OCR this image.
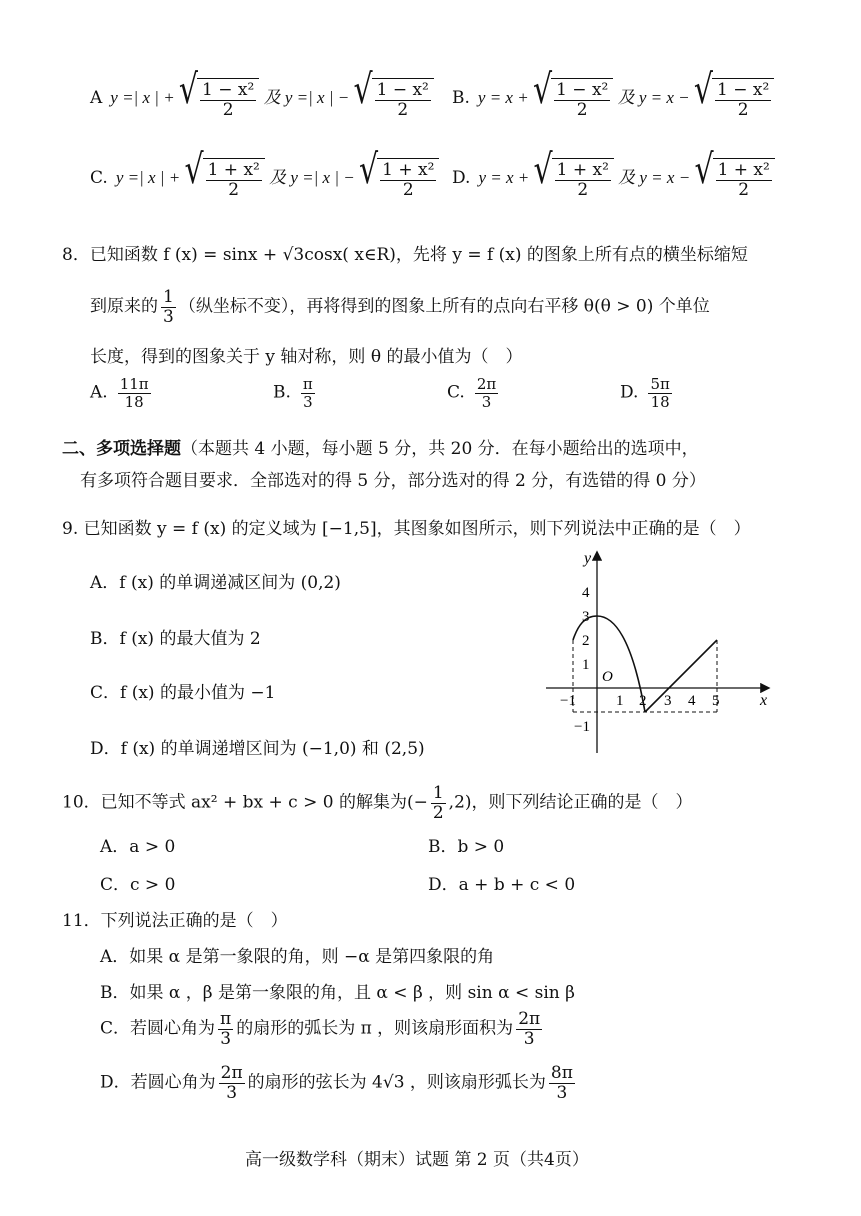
A y =| x | + √ $\frac{\text{1 − x²}}{2}$ 及 y =| x | − √ $\frac{\text{1 − x²}}{2} B$. y = x + √ $\frac{\text{1 − x²}}{2}$ 及 y = x − √ $\frac{\text{1 − x²}}{2}$
C. y =| x | + √ $\frac{\text{1 + x²}}{2}$ 及 y =| x | − √ $\frac{\text{1 + x²}}{2} D$. y = x + √ $\frac{\text{1 + x²}}{2}$ 及 y = x − √ $\frac{\text{1 + x²}}{2}$
8．已知函数 f (x) = sinx + √3cosx( x∈R)，先将 y = f (x) 的图象上所有点的横坐标缩短
到原来的 $\frac{1}{3}$ （纵坐标不变），再将得到的图象上所有的点向右平移 θ(θ > 0) 个单位
长度，得到的图象关于 y 轴对称，则 θ 的最小值为（　）
A. $\frac{11\pi}{18}$	B. $\frac{\pi}{3}$	C. $\frac{2\pi}{3}$	D. $\frac{5\pi}{18}$
二、多项选择题（本题共 4 小题，每小题 5 分，共 20 分．在每小题给出的选项中，
有多项符合题目要求．全部选对的得 5 分，部分选对的得 2 分，有选错的得 0 分）
9. 已知函数 y = f (x) 的定义域为 [−1,5]，其图象如图所示，则下列说法中正确的是（　）
A．f (x) 的单调递减区间为 (0,2)
B．f (x) 的最大值为 2
C．f (x) 的最小值为 −1
D．f (x) 的单调递增区间为 (−1,0) 和 (2,5)
x
y
O
−1	1 2 3 4 5
4
3
2
1
−1
10．已知不等式 ax² + bx + c > 0 的解集为(− $\frac{1}{2} ,2$)，则下列结论正确的是（　）
A．a > 0	B．b > 0
C．c > 0	D．a + b + c < 0
11．下列说法正确的是（　）
A．如果 α 是第一象限的角，则 −α 是第四象限的角
B．如果 α ，β 是第一象限的角，且 α < β ，则 sin α < sin β
C．若圆心角为 $\frac{\pi}{3}$ 的扇形的弧长为 π ，则该扇形面积为 $\frac{2\pi}{3}$
D．若圆心角为 $\frac{2\pi}{3}$ 的扇形的弦长为 4√3 ，则该扇形弧长为 $\frac{8\pi}{3}$
高一级数学科（期末）试题 第 2 页（共4页）
